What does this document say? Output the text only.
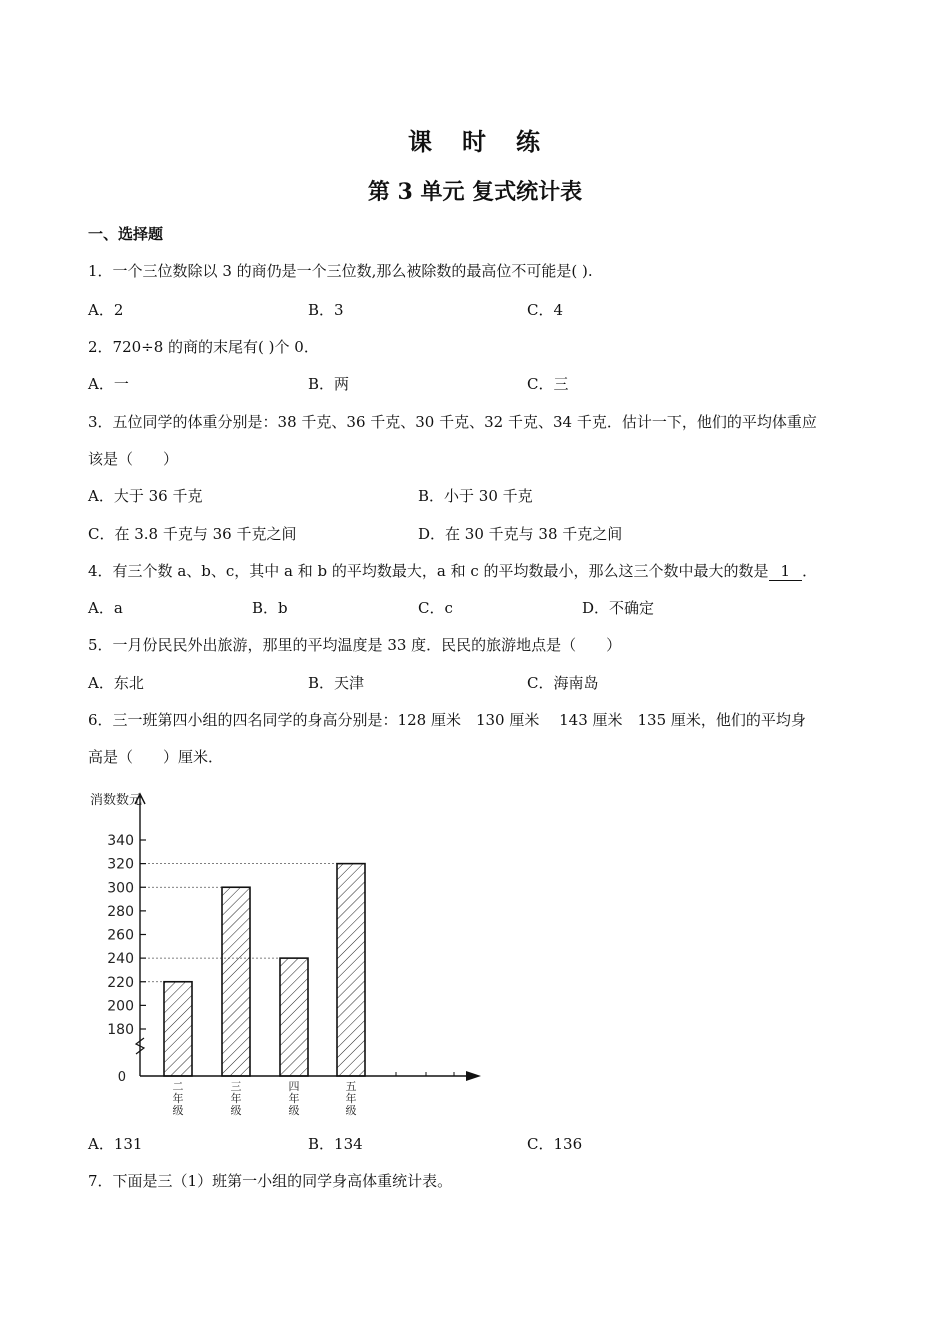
课 时 练
第 3 单元 复式统计表
一、选择题
1．一个三位数除以 3 的商仍是一个三位数,那么被除数的最高位不可能是( ).
A．2	B．3	C．4
2．720÷8 的商的末尾有( )个 0．
A．一	B．两	C．三
3．五位同学的体重分别是：38 千克、36 千克、30 千克、32 千克、34 千克．估计一下，他们的平均体重应
该是（　　）
A．大于 36 千克	B．小于 30 千克
C．在 3.8 千克与 36 千克之间	D．在 30 千克与 38 千克之间
4．有三个数 a、b、c，其中 a 和 b 的平均数最大，a 和 c 的平均数最小，那么这三个数中最大的数是 1 ．
A．a	B．b	C．c	D．不确定
5．一月份民民外出旅游，那里的平均温度是 33 度．民民的旅游地点是（　　）
A．东北	B．天津	C．海南岛
6．三一班第四小组的四名同学的身高分别是：128 厘米　130 厘米　 143 厘米　135 厘米，他们的平均身
高是（　　）厘米．
180
200
220
240
260
280
300
320
340
二
年
级
三
年
级
四
年
级
五
年
级
消数数元
0
A．131	B．134	C．136
7．下面是三（1）班第一小组的同学身高体重统计表。
